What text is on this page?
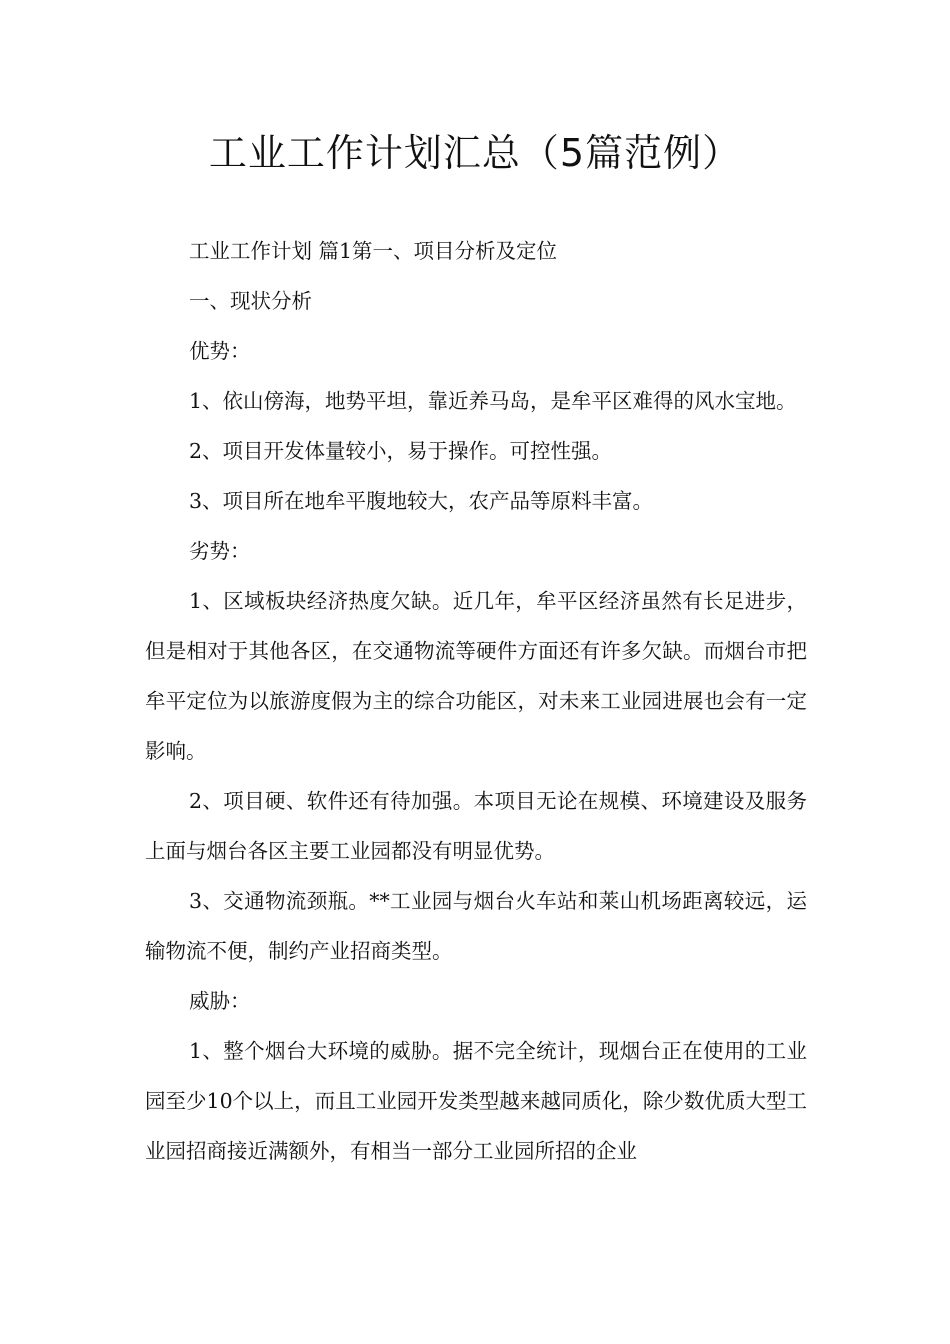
工业工作计划汇总（5篇范例）

工业工作计划 篇1第一、项目分析及定位

一、现状分析

优势：

1、依山傍海，地势平坦，靠近养马岛，是牟平区难得的风水宝地。

2、项目开发体量较小，易于操作。可控性强。

3、项目所在地牟平腹地较大，农产品等原料丰富。

劣势：

1、区域板块经济热度欠缺。近几年，牟平区经济虽然有长足进步，但是相对于其他各区，在交通物流等硬件方面还有许多欠缺。而烟台市把牟平定位为以旅游度假为主的综合功能区，对未来工业园进展也会有一定影响。

2、项目硬、软件还有待加强。本项目无论在规模、环境建设及服务上面与烟台各区主要工业园都没有明显优势。

3、交通物流颈瓶。**工业园与烟台火车站和莱山机场距离较远，运输物流不便，制约产业招商类型。

威胁：

1、整个烟台大环境的威胁。据不完全统计，现烟台正在使用的工业园至少10个以上，而且工业园开发类型越来越同质化，除少数优质大型工业园招商接近满额外，有相当一部分工业园所招的企业
